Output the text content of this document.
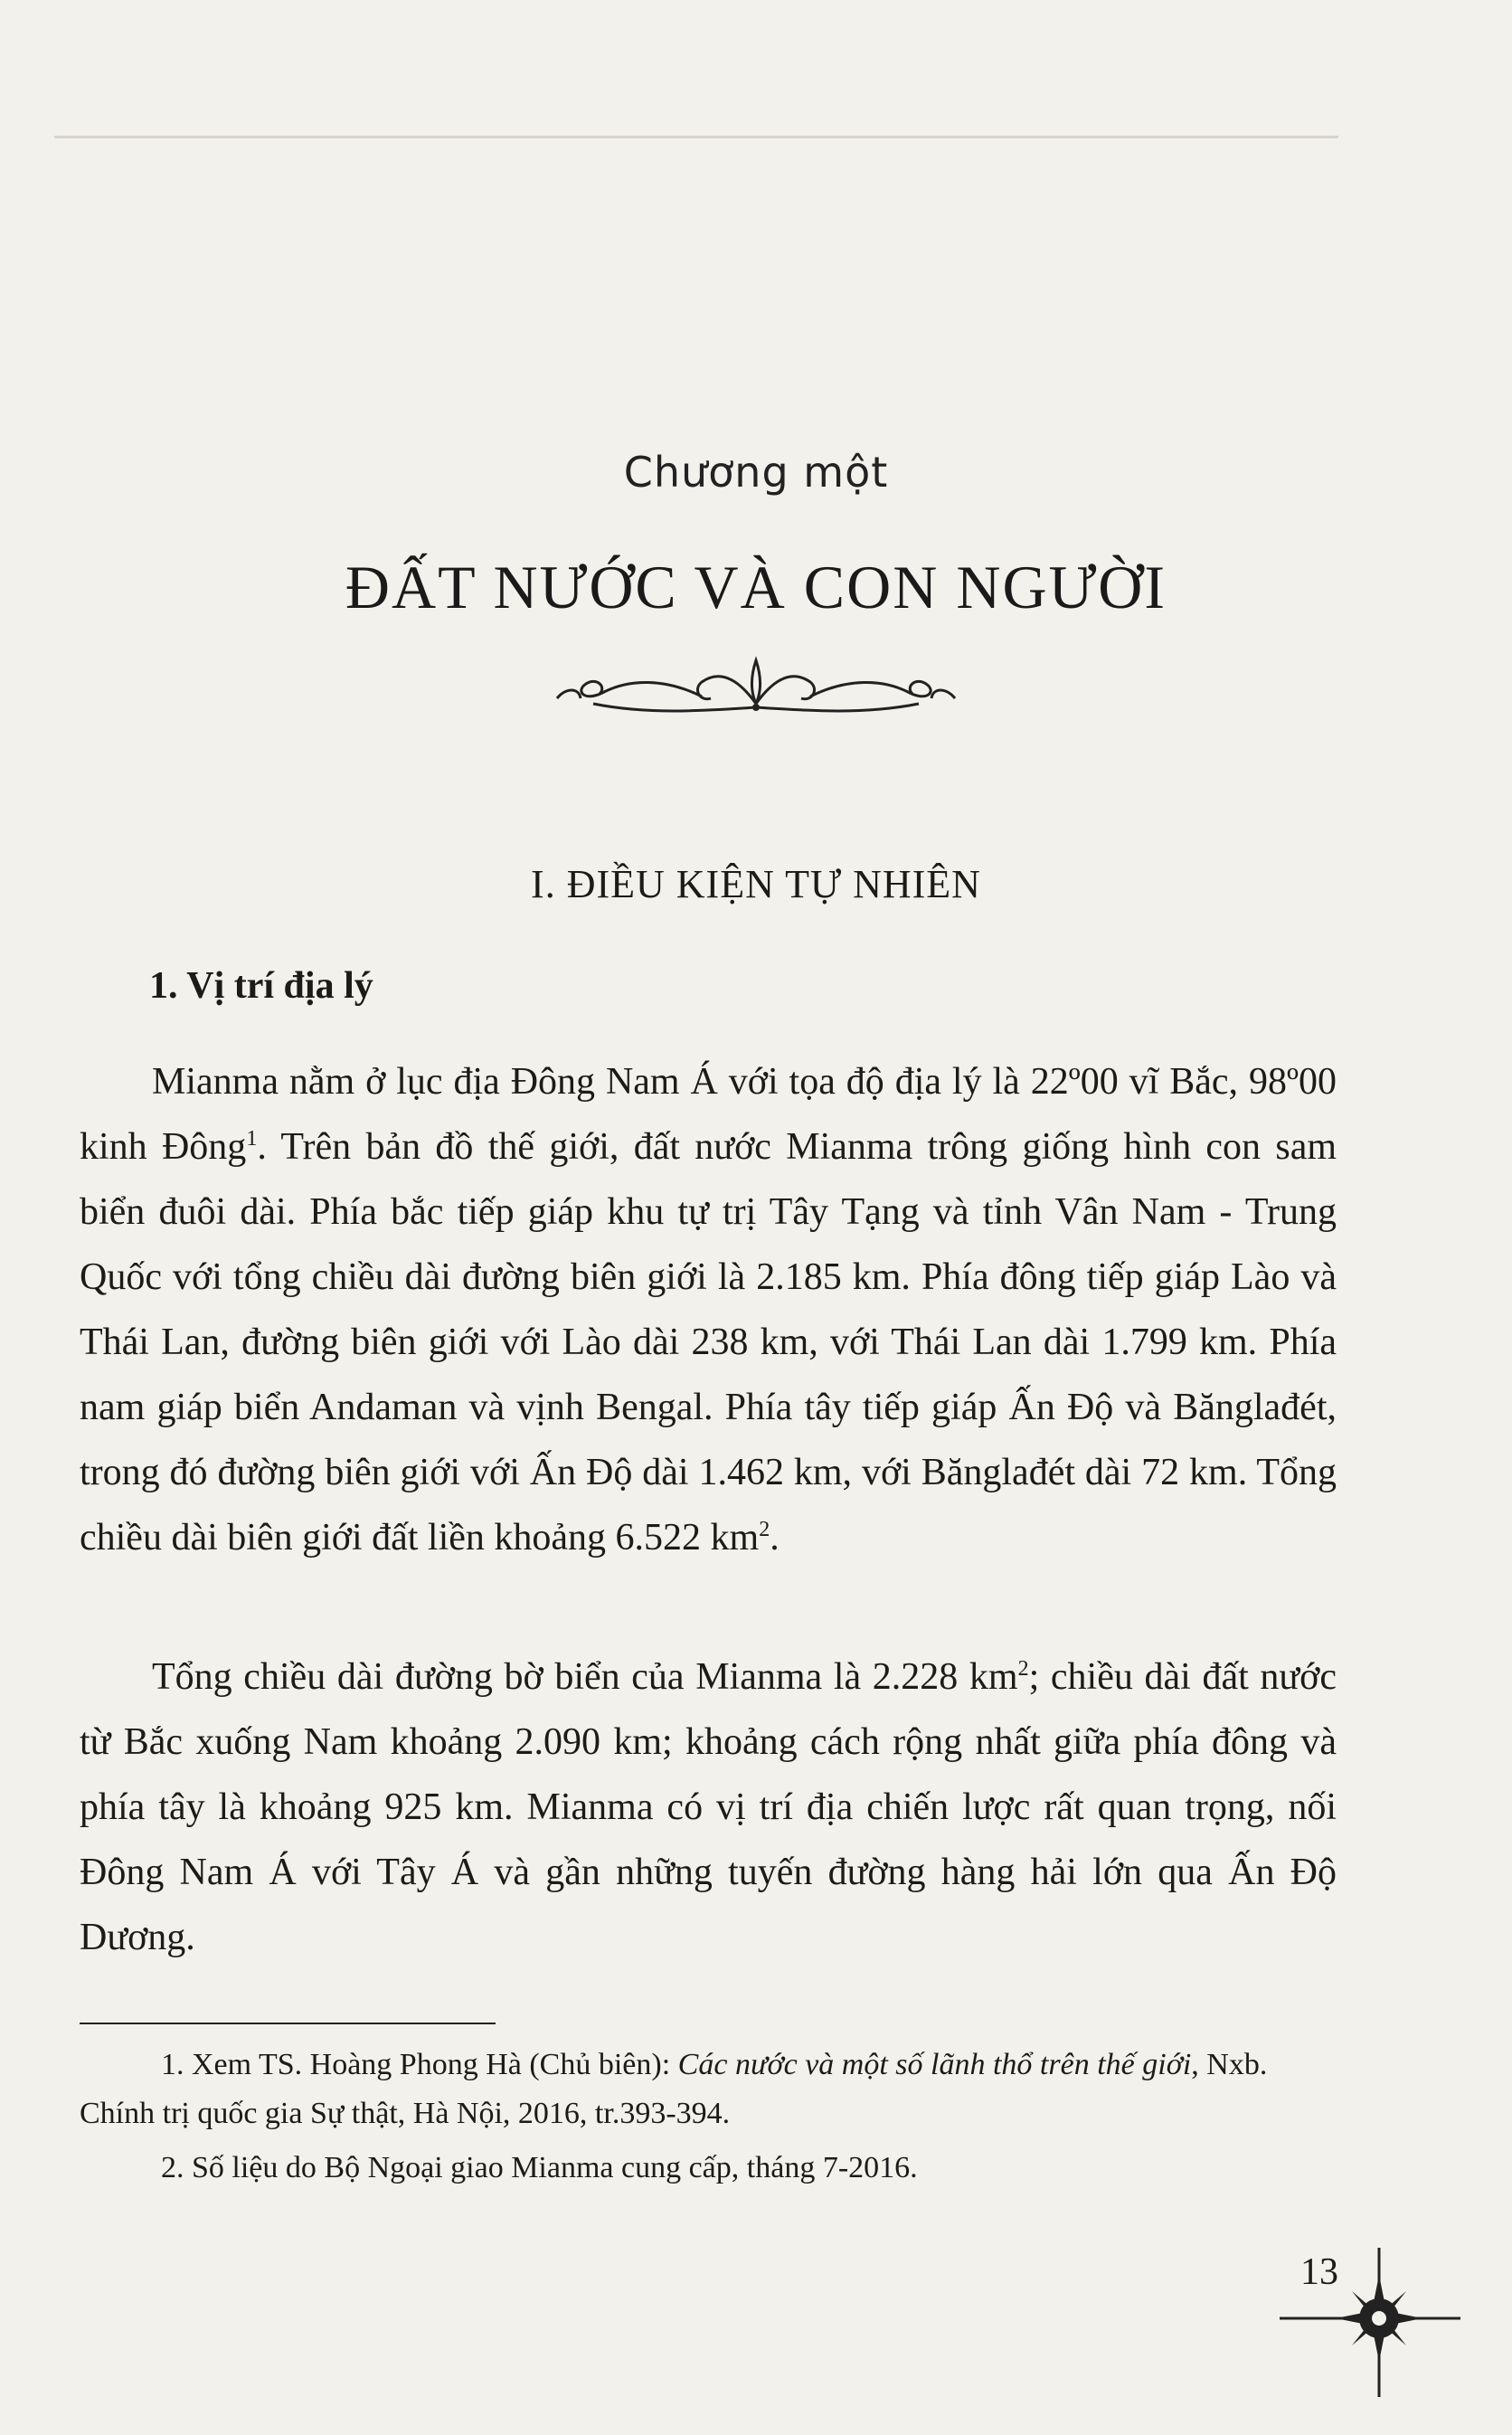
Chương một
ĐẤT NƯỚC VÀ CON NGƯỜI
I. ĐIỀU KIỆN TỰ NHIÊN
1. Vị trí địa lý

Mianma nằm ở lục địa Đông Nam Á với tọa độ địa lý là 22º00 vĩ Bắc, 98º00 kinh Đông$^1$. Trên bản đồ thế giới, đất nước Mianma trông giống hình con sam biển đuôi dài. Phía bắc tiếp giáp khu tự trị Tây Tạng và tỉnh Vân Nam - Trung Quốc với tổng chiều dài đường biên giới là 2.185 km. Phía đông tiếp giáp Lào và Thái Lan, đường biên giới với Lào dài 238 km, với Thái Lan dài 1.799 km. Phía nam giáp biển Andaman và vịnh Bengal. Phía tây tiếp giáp Ấn Độ và Bănglađét, trong đó đường biên giới với Ấn Độ dài 1.462 km, với Bănglađét dài 72 km. Tổng chiều dài biên giới đất liền khoảng 6.522 $km^2$.

Tổng chiều dài đường bờ biển của Mianma là 2.228 $km^2$; chiều dài đất nước từ Bắc xuống Nam khoảng 2.090 km; khoảng cách rộng nhất giữa phía đông và phía tây là khoảng 925 km. Mianma có vị trí địa chiến lược rất quan trọng, nối Đông Nam Á với Tây Á và gần những tuyến đường hàng hải lớn qua Ấn Độ Dương.

1. Xem TS. Hoàng Phong Hà (Chủ biên): Các nước và một số lãnh thổ trên thế giới, Nxb. Chính trị quốc gia Sự thật, Hà Nội, 2016, tr.393-394.

2. Số liệu do Bộ Ngoại giao Mianma cung cấp, tháng 7-2016.

13
